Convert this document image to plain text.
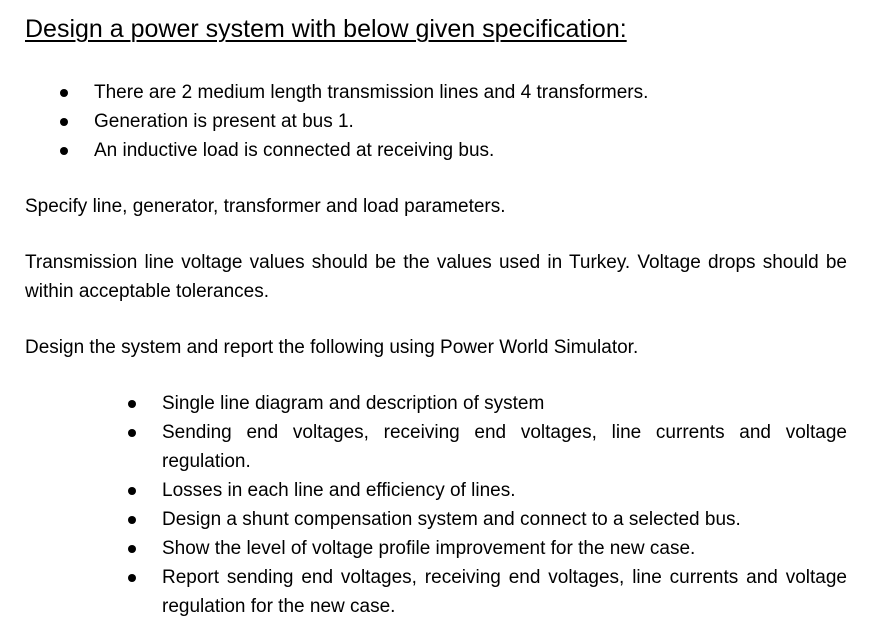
Design a power system with below given specification:
There are 2 medium length transmission lines and 4 transformers.
Generation is present at bus 1.
An inductive load is connected at receiving bus.

Specify line, generator, transformer and load parameters.

Transmission line voltage values should be the values used in Turkey. Voltage drops should be within acceptable tolerances.

Design the system and report the following using Power World Simulator.

Single line diagram and description of system
Sending end voltages, receiving end voltages, line currents and voltage regulation.
Losses in each line and efficiency of lines.
Design a shunt compensation system and connect to a selected bus.
Show the level of voltage profile improvement for the new case.
Report sending end voltages, receiving end voltages, line currents and voltage regulation for the new case.
